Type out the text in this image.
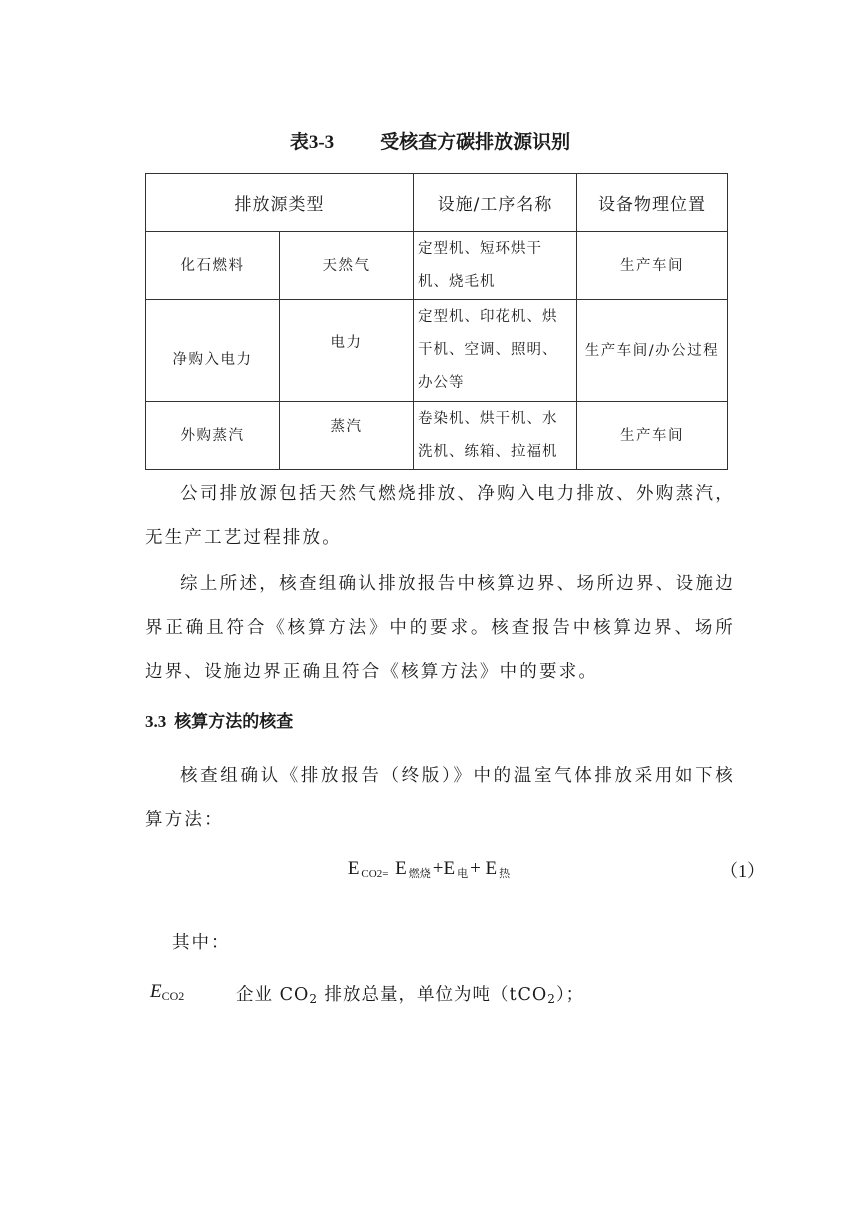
表3-3 受核查方碳排放源识别
排放源类型		设施/工序名称	设备物理位置
化石燃料	天然气	定型机、短环烘干机、烧毛机	生产车间
净购入电力	电力	定型机、印花机、烘干机、空调、照明、办公等	生产车间/办公过程
外购蒸汽	蒸汽	卷染机、烘干机、水洗机、练箱、拉福机	生产车间

公司排放源包括天然气燃烧排放、净购入电力排放、外购蒸汽，无生产工艺过程排放。

综上所述，核查组确认排放报告中核算边界、场所边界、设施边界正确且符合《核算方法》中的要求。核查报告中核算边界、场所边界、设施边界正确且符合《核算方法》中的要求。

3.3 核算方法的核查

核查组确认《排放报告（终版）》中的温室气体排放采用如下核算方法：

E $_{CO2=}$ E $_{燃烧}$ +E $_电$ + E $_热$	（1）
其中：
$E_{CO2}$	企业 $CO_2$ 排放总量，单位为吨（tCO$_2$）；
